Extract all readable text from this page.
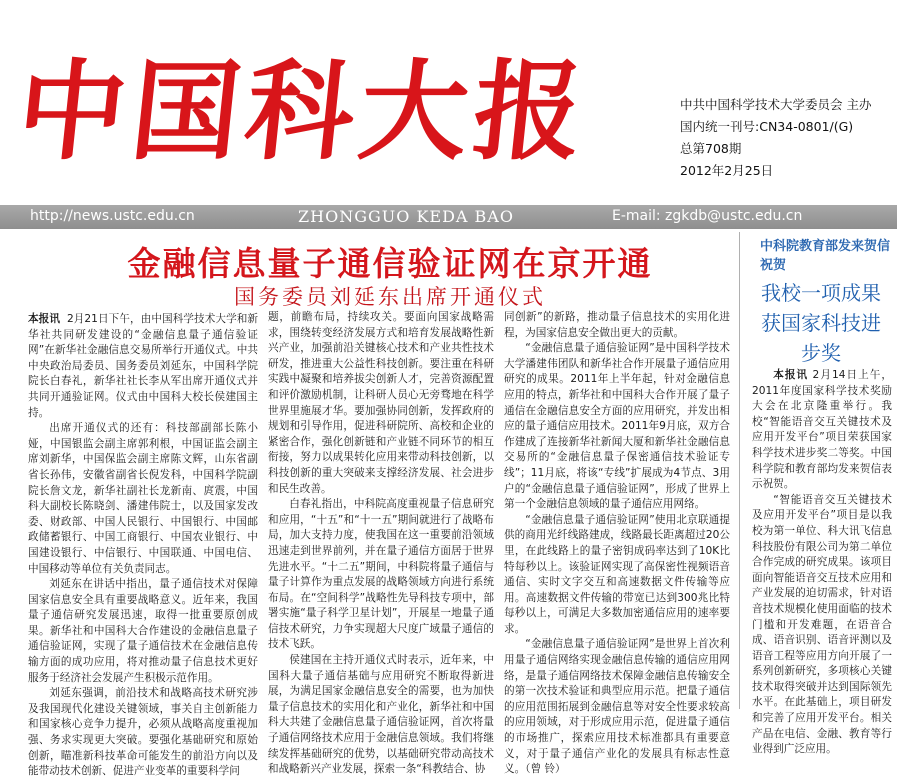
中国科大报	中共中国科学技术大学委员会 主办
国内统一刊号:CN34-0801/(G)
总第708期
2012年2月25日
http://news.ustc.edu.cn	ZHONGGUO KEDA BAO	E-mail: zgkdb@ustc.edu.cn
金融信息量子通信验证网在京开通
国务委员刘延东出席开通仪式

本报讯 2月21日下午，由中国科学技术大学和新华社共同研发建设的“金融信息量子通信验证网”在新华社金融信息交易所举行开通仪式。中共中央政治局委员、国务委员刘延东，中国科学院院长白春礼，新华社社长李从军出席开通仪式并共同开通验证网。仪式由中国科大校长侯建国主持。

出席开通仪式的还有：科技部副部长陈小娅，中国银监会副主席郭利根，中国证监会副主席刘新华，中国保监会副主席陈文辉，山东省副省长孙伟，安徽省副省长倪发科，中国科学院副院长詹文龙，新华社副社长龙新南、庹震，中国科大副校长陈晓剑、潘建伟院士，以及国家发改委、财政部、中国人民银行、中国银行、中国邮政储蓄银行、中国工商银行、中国农业银行、中国建设银行、中信银行、中国联通、中国电信、中国移动等单位有关负责同志。

刘延东在讲话中指出，量子通信技术对保障国家信息安全具有重要战略意义。近年来，我国量子通信研究发展迅速，取得一批重要原创成果。新华社和中国科大合作建设的金融信息量子通信验证网，实现了量子通信技术在金融信息传输方面的成功应用，将对推动量子信息技术更好服务于经济社会发展产生积极示范作用。

刘延东强调，前沿技术和战略高技术研究涉及我国现代化建设关键领域，事关自主创新能力和国家核心竞争力提升，必须从战略高度重视加强、务求实现更大突破。要强化基础研究和原始创新，瞄准新科技革命可能发生的前沿方向以及能带动技术创新、促进产业变革的重要科学问

题，前瞻布局，持续攻关。要面向国家战略需求，围绕转变经济发展方式和培育发展战略性新兴产业，加强前沿关键核心技术和产业共性技术研发，推进重大公益性科技创新。要注重在科研实践中凝聚和培养拔尖创新人才，完善资源配置和评价激励机制，让科研人员心无旁骛地在科学世界里施展才华。要加强协同创新，发挥政府的规划和引导作用，促进科研院所、高校和企业的紧密合作，强化创新链和产业链不同环节的相互衔接，努力以成果转化应用来带动科技创新，以科技创新的重大突破来支撑经济发展、社会进步和民生改善。

白春礼指出，中科院高度重视量子信息研究和应用，“十五”和“十一五”期间就进行了战略布局，加大支持力度，使我国在这一重要前沿领域迅速走到世界前列，并在量子通信方面居于世界先进水平。“十二五”期间，中科院将量子通信与量子计算作为重点发展的战略领域方向进行系统布局。在“空间科学”战略性先导科技专项中，部署实施“量子科学卫星计划”，开展星一地量子通信技术研究，力争实现超大尺度广域量子通信的技术飞跃。

侯建国在主持开通仪式时表示，近年来，中国科大量子通信基础与应用研究不断取得新进展，为满足国家金融信息安全的需要，也为加快量子信息技术的实用化和产业化，新华社和中国科大共建了金融信息量子通信验证网，首次将量子通信网络技术应用于金融信息领域。我们将继续发挥基础研究的优势，以基础研究带动高技术和战略新兴产业发展，探索一条“科教结合、协

同创新”的新路，推动量子信息技术的实用化进程，为国家信息安全做出更大的贡献。

“金融信息量子通信验证网”是中国科学技术大学潘建伟团队和新华社合作开展量子通信应用研究的成果。2011年上半年起，针对金融信息应用的特点，新华社和中国科大合作开展了量子通信在金融信息安全方面的应用研究，并发出相应的量子通信应用技术。2011年9月底，双方合作建成了连接新华社新闻大厦和新华社金融信息交易所的“金融信息量子保密通信技术验证专线”；11月底，将该“专线”扩展成为4节点、3用户的“金融信息量子通信验证网”，形成了世界上第一个金融信息领域的量子通信应用网络。

“金融信息量子通信验证网”使用北京联通提供的商用光纤线路建成，线路最长距离超过20公里，在此线路上的量子密钥成码率达到了10K比特每秒以上。该验证网实现了高保密性视频语音通信、实时文字交互和高速数据文件传输等应用。高速数据文件传输的带宽已达到300兆比特每秒以上，可满足大多数加密通信应用的速率要求。

“金融信息量子通信验证网”是世界上首次利用量子通信网络实现金融信息传输的通信应用网络，是量子通信网络技术保障金融信息传输安全的第一次技术验证和典型应用示范。把量子通信的应用范围拓展到金融信息等对安全性要求较高的应用领域，对于形成应用示范，促进量子通信的市场推广，探索应用技术标准都具有重要意义，对于量子通信产业化的发展具有标志性意义。（曾 铃）

中科院教育部发来贺信祝贺
我校一项成果获国家科技进步奖

本报讯 2月14日上午，2011年度国家科学技术奖励大会在北京隆重举行。我校“智能语音交互关键技术及应用开发平台”项目荣获国家科学技术进步奖二等奖。中国科学院和教育部均发来贺信表示祝贺。

“智能语音交互关键技术及应用开发平台”项目是以我校为第一单位、科大讯飞信息科技股份有限公司为第二单位合作完成的研究成果。该项目面向智能语音交互技术应用和产业发展的迫切需求，针对语音技术规模化使用面临的技术门槛和开发难题，在语音合成、语音识别、语音评测以及语音工程等应用方向开展了一系列创新研究，多项核心关键技术取得突破并达到国际领先水平。在此基础上，项目研发和完善了应用开发平台。相关产品在电信、金融、教育等行业得到广泛应用。
